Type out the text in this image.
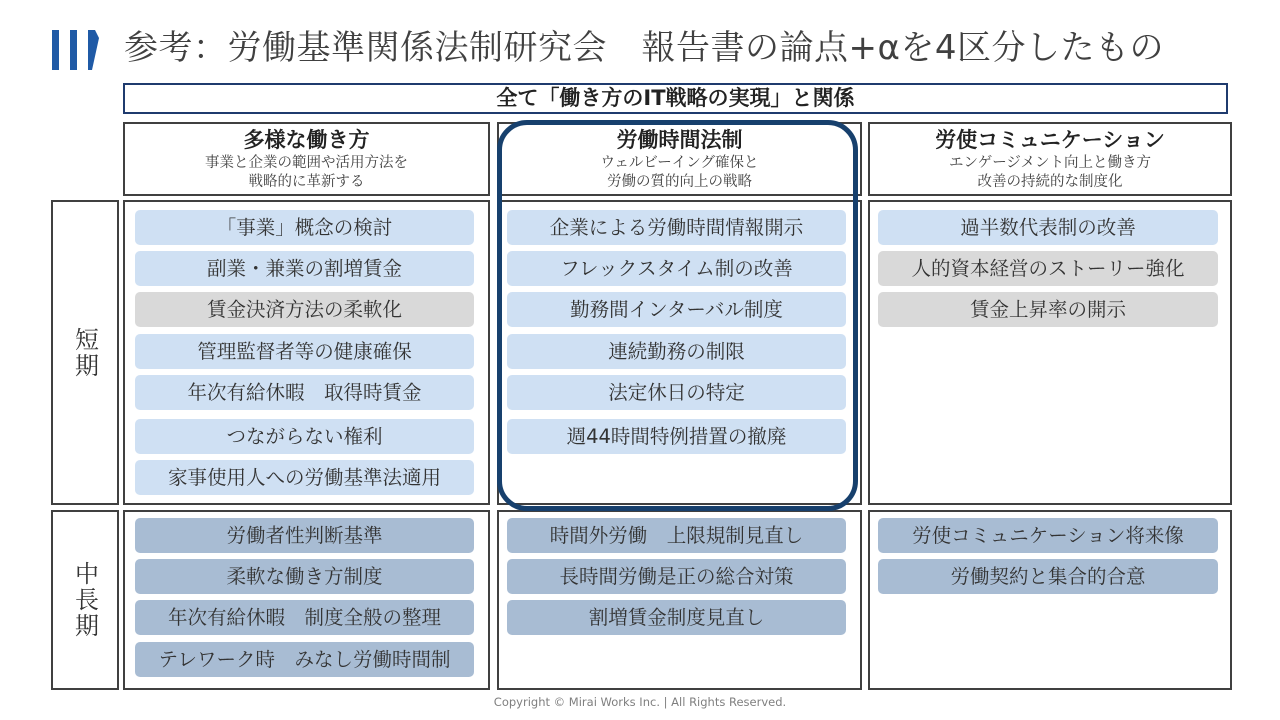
参考：労働基準関係法制研究会　報告書の論点+αを4区分したもの
全て「働き方のIT戦略の実現」と関係
多様な働き方
事業と企業の範囲や活用方法を
戦略的に革新する
労働時間法制
ウェルビーイング確保と
労働の質的向上の戦略
労使コミュニケーション
エンゲージメント向上と働き方
改善の持続的な制度化
短期
中長期
「事業」概念の検討
副業・兼業の割増賃金
賃金決済方法の柔軟化
管理監督者等の健康確保
年次有給休暇　取得時賃金
つながらない権利
家事使用人への労働基準法適用
企業による労働時間情報開示
フレックスタイム制の改善
勤務間インターバル制度
連続勤務の制限
法定休日の特定
週44時間特例措置の撤廃
過半数代表制の改善
人的資本経営のストーリー強化
賃金上昇率の開示
労働者性判断基準
柔軟な働き方制度
年次有給休暇　制度全般の整理
テレワーク時　みなし労働時間制
時間外労働　上限規制見直し
長時間労働是正の総合対策
割増賃金制度見直し
労使コミュニケーション将来像
労働契約と集合的合意
Copyright © Mirai Works Inc. | All Rights Reserved.
